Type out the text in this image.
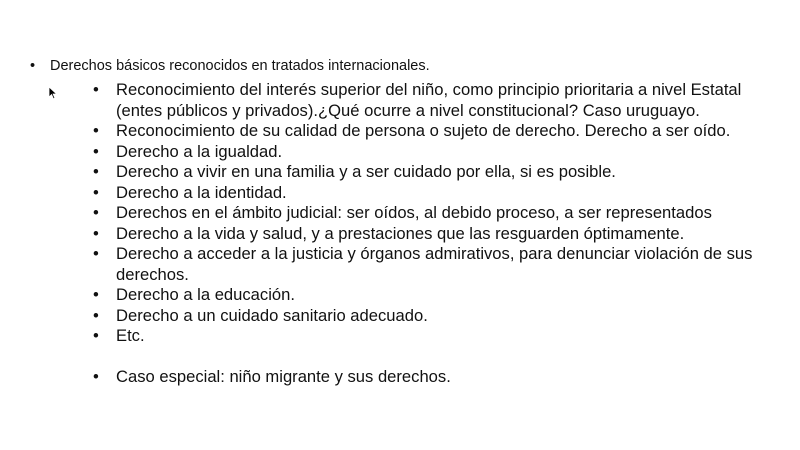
• Derechos básicos reconocidos en tratados internacionales.
• Reconocimiento del interés superior del niño, como principio prioritaria a nivel Estatal (entes públicos y privados).¿Qué ocurre a nivel constitucional? Caso uruguayo.
• Reconocimiento de su calidad de persona o sujeto de derecho. Derecho a ser oído.
• Derecho a la igualdad.
• Derecho a vivir en una familia y a ser cuidado por ella, si es posible.
• Derecho a la identidad.
• Derechos en el ámbito judicial: ser oídos, al debido proceso, a ser representados
• Derecho a la vida y salud, y a prestaciones que las resguarden óptimamente.
• Derecho a acceder a la justicia y órganos admirativos, para denunciar violación de sus derechos.
• Derecho a la educación.
• Derecho a un cuidado sanitario adecuado.
• Etc.
• Caso especial: niño migrante y sus derechos.
